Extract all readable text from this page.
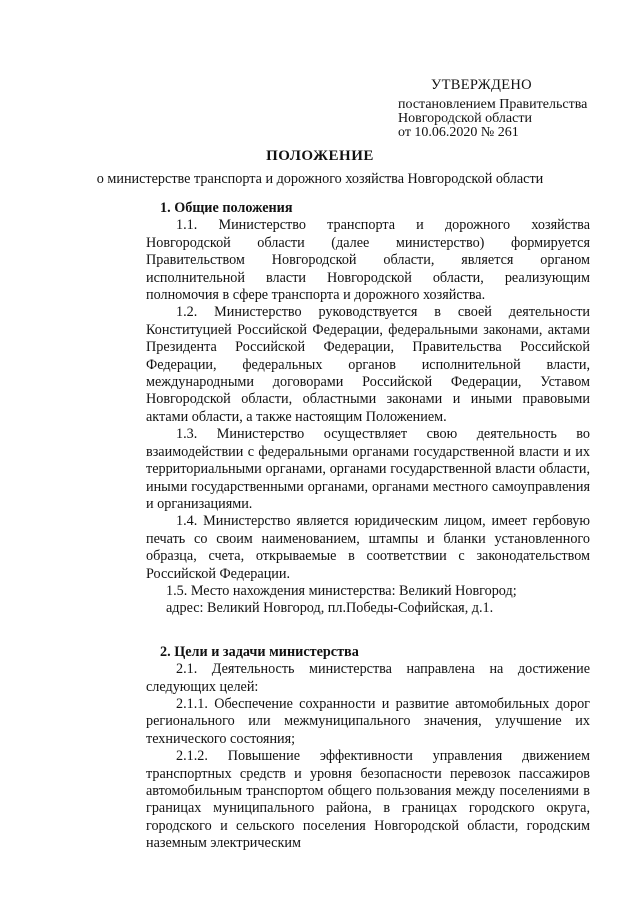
УТВЕРЖДЕНО
постановлением Правительства
Новгородской области
от 10.06.2020 № 261
ПОЛОЖЕНИЕ
о министерстве транспорта и дорожного хозяйства Новгородской области
1. Общие положения

1.1. Министерство транспорта и дорожного хозяйства Новгородской области (далее министерство) формируется Правительством Новгородской области, является органом исполнительной власти Новгородской области, реализующим полномочия в сфере транспорта и дорожного хозяйства.

1.2. Министерство руководствуется в своей деятельности Конституцией Российской Федерации, федеральными законами, актами Президента Российской Федерации, Правительства Российской Федерации, федеральных органов исполнительной власти, международными договорами Российской Федерации, Уставом Новгородской области, областными законами и иными правовыми актами области, а также настоящим Положением.

1.3. Министерство осуществляет свою деятельность во взаимодействии с федеральными органами государственной власти и их территориальными органами, органами государственной власти области, иными государственными органами, органами местного самоуправления и организациями.

1.4. Министерство является юридическим лицом, имеет гербовую печать со своим наименованием, штампы и бланки установленного образца, счета, открываемые в соответствии с законодательством Российской Федерации.

1.5. Место нахождения министерства: Великий Новгород;

адрес: Великий Новгород, пл.Победы-Софийская, д.1.

2. Цели и задачи министерства

2.1. Деятельность министерства направлена на достижение следующих целей:

2.1.1. Обеспечение сохранности и развитие автомобильных дорог регионального или межмуниципального значения, улучшение их технического состояния;

2.1.2. Повышение эффективности управления движением транспортных средств и уровня безопасности перевозок пассажиров автомобильным транспортом общего пользования между поселениями в границах муниципального района, в границах городского округа, городского и сельского поселения Новгородской области, городским наземным электрическим
